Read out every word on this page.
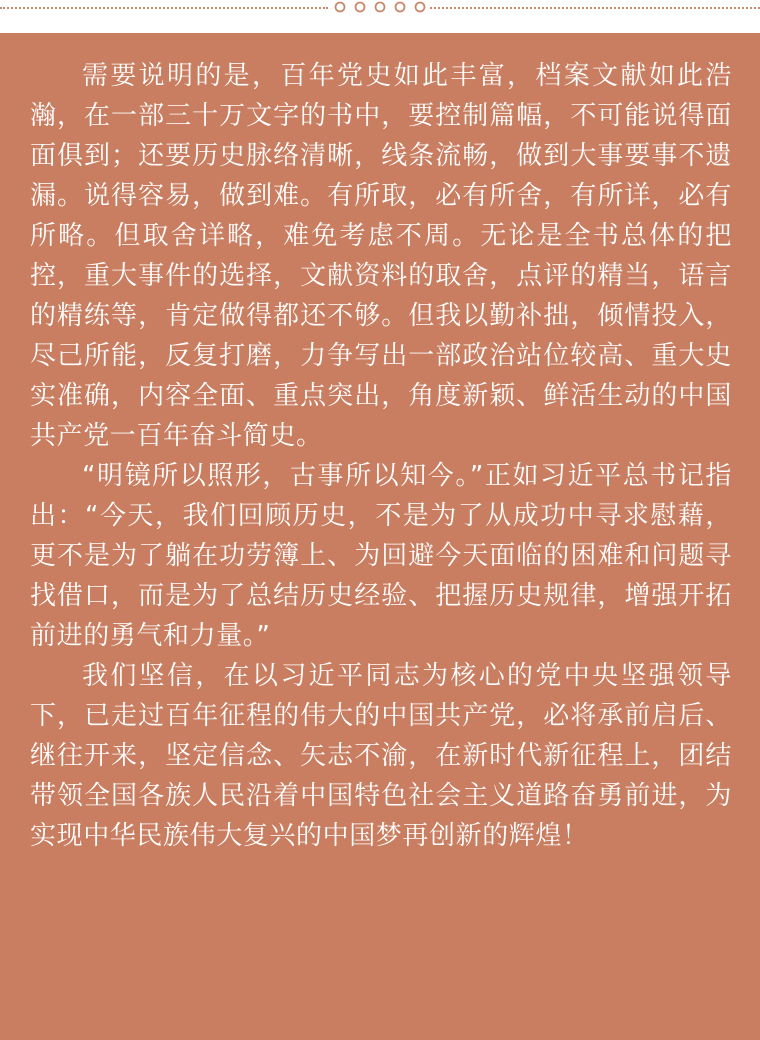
需要说明的是，百年党史如此丰富，档案文献如此浩瀚，在一部三十万文字的书中，要控制篇幅，不可能说得面面俱到；还要历史脉络清晰，线条流畅，做到大事要事不遗漏。说得容易，做到难。有所取，必有所舍，有所详，必有所略。但取舍详略，难免考虑不周。无论是全书总体的把控，重大事件的选择，文献资料的取舍，点评的精当，语言的精练等，肯定做得都还不够。但我以勤补拙，倾情投入，尽己所能，反复打磨，力争写出一部政治站位较高、重大史实准确，内容全面、重点突出，角度新颖、鲜活生动的中国共产党一百年奋斗简史。

“明镜所以照形，古事所以知今。”正如习近平总书记指出：“今天，我们回顾历史，不是为了从成功中寻求慰藉，更不是为了躺在功劳簿上、为回避今天面临的困难和问题寻找借口，而是为了总结历史经验、把握历史规律，增强开拓前进的勇气和力量。”

我们坚信，在以习近平同志为核心的党中央坚强领导下，已走过百年征程的伟大的中国共产党，必将承前启后、继往开来，坚定信念、矢志不渝，在新时代新征程上，团结带领全国各族人民沿着中国特色社会主义道路奋勇前进，为实现中华民族伟大复兴的中国梦再创新的辉煌！
